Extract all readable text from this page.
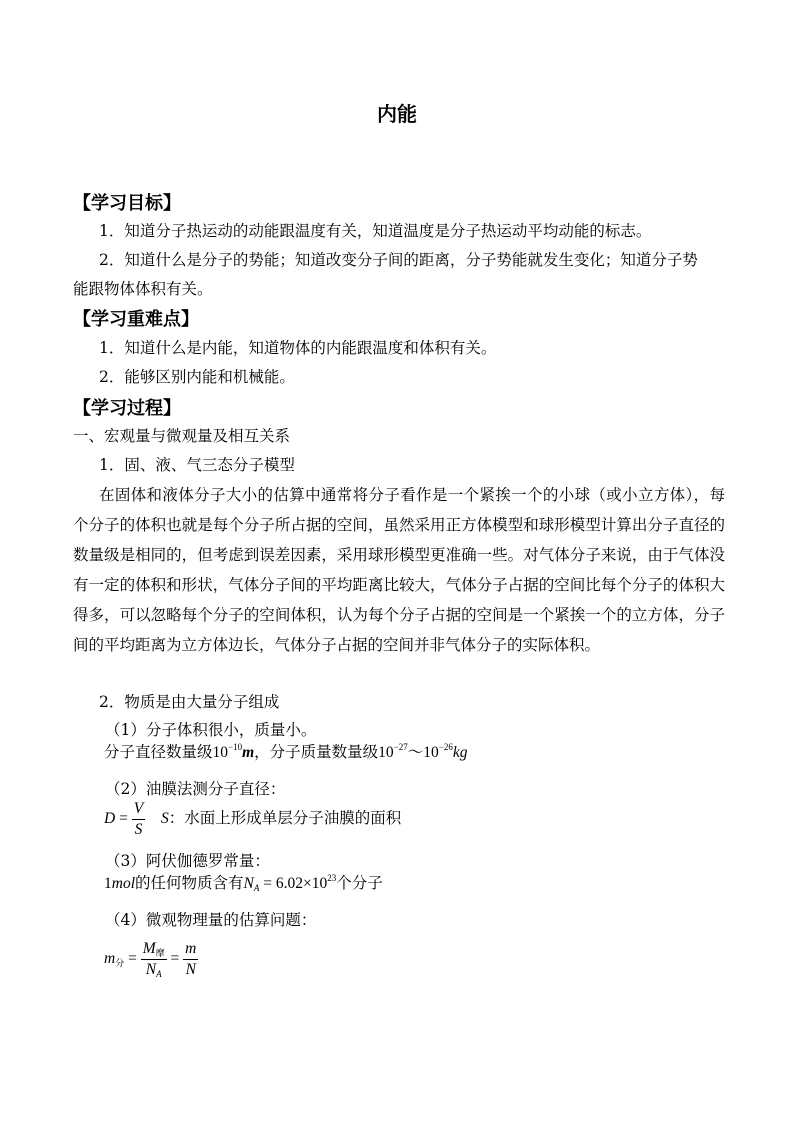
内能
【学习目标】
1．知道分子热运动的动能跟温度有关，知道温度是分子热运动平均动能的标志。
2．知道什么是分子的势能；知道改变分子间的距离，分子势能就发生变化；知道分子势
能跟物体体积有关。
【学习重难点】
1．知道什么是内能，知道物体的内能跟温度和体积有关。
2．能够区别内能和机械能。
【学习过程】
一、宏观量与微观量及相互关系
1．固、液、气三态分子模型
在固体和液体分子大小的估算中通常将分子看作是一个紧挨一个的小球（或小立方体），每个分子的体积也就是每个分子所占据的空间，虽然采用正方体模型和球形模型计算出分子直径的数量级是相同的，但考虑到误差因素，采用球形模型更准确一些。对气体分子来说，由于气体没有一定的体积和形状，气体分子间的平均距离比较大，气体分子占据的空间比每个分子的体积大得多，可以忽略每个分子的空间体积，认为每个分子占据的空间是一个紧挨一个的立方体，分子间的平均距离为立方体边长，气体分子占据的空间并非气体分子的实际体积。
2．物质是由大量分子组成
（1）分子体积很小，质量小。
分子直径数量级$10^{-10}m$，分子质量数量级$10^{-27}\sim 10^{-26}kg$
（2）油膜法测分子直径：
$D = \frac{V}{S}$ S：水面上形成单层分子油膜的面积
（3）阿伏伽德罗常量：
1mol的任何物质含有$N_A = 6.02\times 10^{23}$个分子
（4）微观物理量的估算问题：
$m_分 = \frac{M_摩}{N_A} = \frac{m}{N}$
